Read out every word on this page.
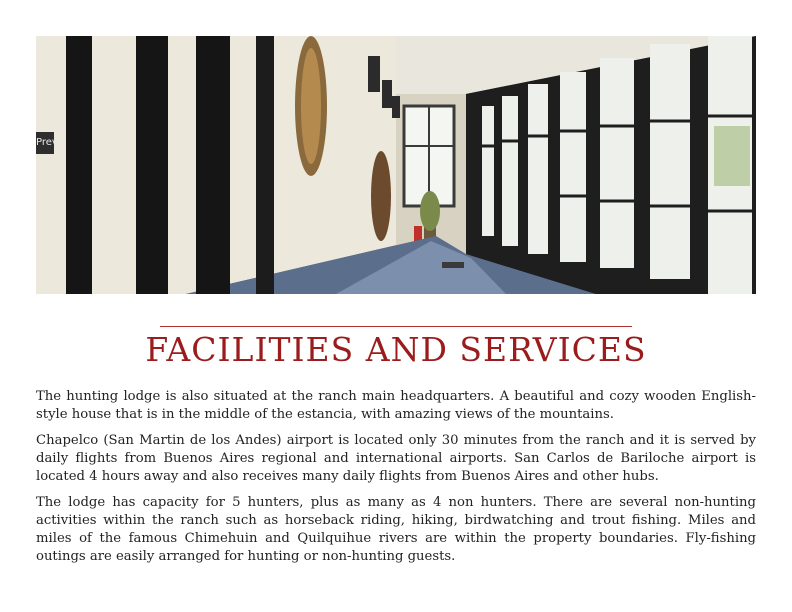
Prev
FACILITIES AND SERVICES

The hunting lodge is also situated at the ranch main headquarters. A beautiful and cozy wooden English-style house that is in the middle of the estancia, with amazing views of the mountains.

Chapelco (San Martin de los Andes) airport is located only 30 minutes from the ranch and it is served by daily flights from Buenos Aires regional and international airports. San Carlos de Bariloche airport is located 4 hours away and also receives many daily flights from Buenos Aires and other hubs.

The lodge has capacity for 5 hunters, plus as many as 4 non hunters. There are several non-hunting activities within the ranch such as horseback riding, hiking, birdwatching and trout fishing. Miles and miles of the famous Chimehuin and Quilquihue rivers are within the property boundaries. Fly-fishing outings are easily arranged for hunting or non-hunting guests.
